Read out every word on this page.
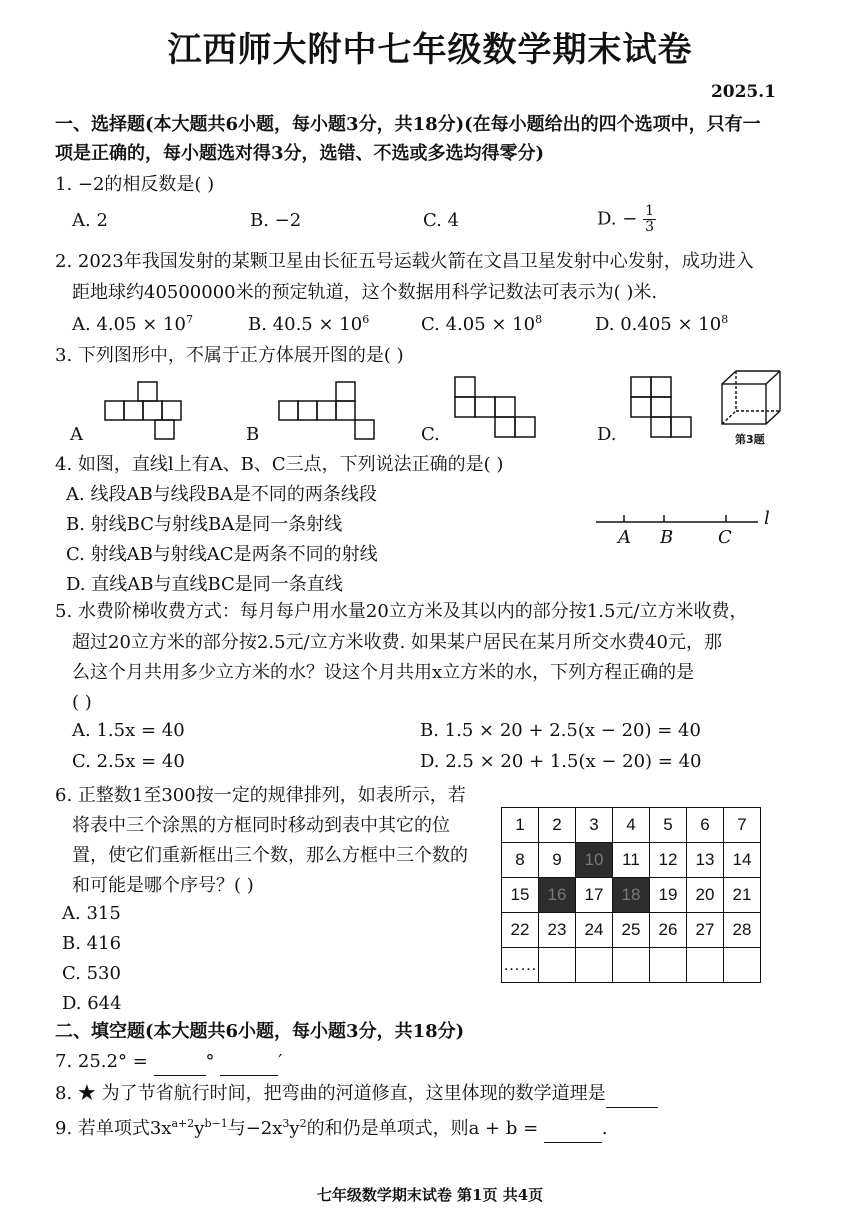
江西师大附中七年级数学期末试卷
2025.1
一、选择题(本大题共6小题，每小题3分，共18分)(在每小题给出的四个选项中，只有一
项是正确的，每小题选对得3分，选错、不选或多选均得零分)
1. −2的相反数是( )
A. 2	B. −2	C. 4	D. − $\frac{1}{3}$
2. 2023年我国发射的某颗卫星由长征五号运载火箭在文昌卫星发射中心发射，成功进入
距地球约40500000米的预定轨道，这个数据用科学记数法可表示为( )米.
A. $4.05 \times 10^7$	B. $40.5 \times 10^6$	C. $4.05 \times 10^8$	D. $0.405 \times 10^8$
3. 下列图形中，不属于正方体展开图的是( )
A	B	C.	D.	第3题
4. 如图，直线l上有A、B、C三点，下列说法正确的是( )
A. 线段AB与线段BA是不同的两条线段
B. 射线BC与射线BA是同一条射线
C. 射线AB与射线AC是两条不同的射线
D. 直线AB与直线BC是同一条直线
A B C
l
5. 水费阶梯收费方式：每月每户用水量20立方米及其以内的部分按1.5元/立方米收费，
超过20立方米的部分按2.5元/立方米收费. 如果某户居民在某月所交水费40元，那
么这个月共用多少立方米的水？设这个月共用x立方米的水，下列方程正确的是
( )
A. 1.5x = 40	B. 1.5 × 20 + 2.5(x − 20) = 40
C. 2.5x = 40	D. 2.5 × 20 + 1.5(x − 20) = 40
6. 正整数1至300按一定的规律排列，如表所示，若
将表中三个涂黑的方框同时移动到表中其它的位
置，使它们重新框出三个数，那么方框中三个数的
和可能是哪个序号？( )
A. 315
B. 416
C. 530
D. 644
1	2	3	4	5	6	7
8	9	10	11	12	13	14
15	16	17	18	19	20	21
22	23	24	25	26	27	28
……						
二、填空题(本大题共6小题，每小题3分，共18分)
7. 25.2° =	°	′
8. ★ 为了节省航行时间，把弯曲的河道修直，这里体现的数学道理是
9. 若单项式$3x^{a+2}y^{b-1}$与$-2x^3y^2$的和仍是单项式，则a + b =	.
七年级数学期末试卷 第1页 共4页
